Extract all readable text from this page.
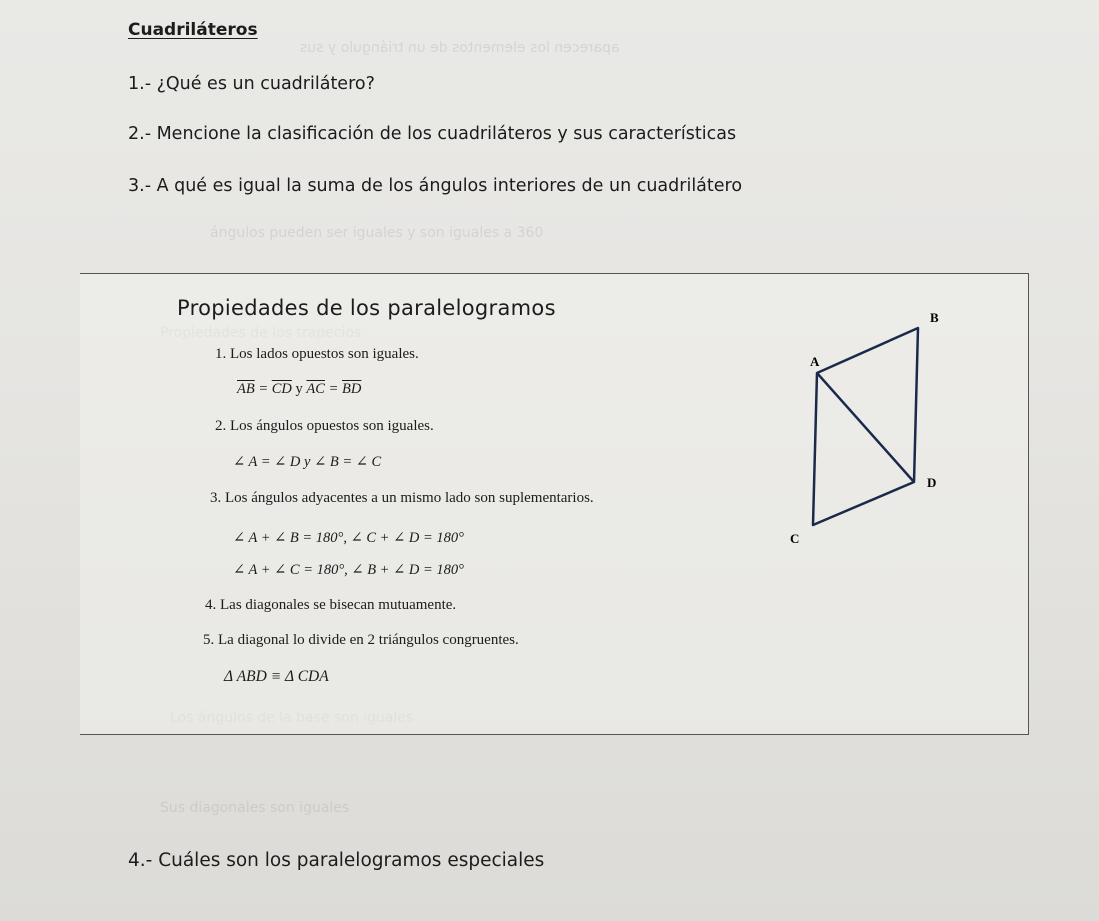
aparecen los elementos de un triángulo y sus
ángulos pueden ser iguales y son iguales a 360
Sus diagonales son iguales
Cuadriláteros
1.- ¿Qué es un cuadrilátero?
2.- Mencione la clasificación de los cuadriláteros y sus características
3.- A qué es igual la suma de los ángulos interiores de un cuadrilátero
Propiedades de los paralelogramos
1. Los lados opuestos son iguales.
$\overline{AB} = \overline{CD}$ y $\overline{AC} = \overline{BD}$
2. Los ángulos opuestos son iguales.
∠ A = ∠ D y ∠ B = ∠ C
3. Los ángulos adyacentes a un mismo lado son suplementarios.
∠ A + ∠ B = 180°, ∠ C + ∠ D = 180°
∠ A + ∠ C = 180°, ∠ B + ∠ D = 180°
4. Las diagonales se bisecan mutuamente.
5. La diagonal lo divide en 2 triángulos congruentes.
Δ ABD ≡ Δ CDA
A
B
C
D
4.- Cuáles son los paralelogramos especiales
